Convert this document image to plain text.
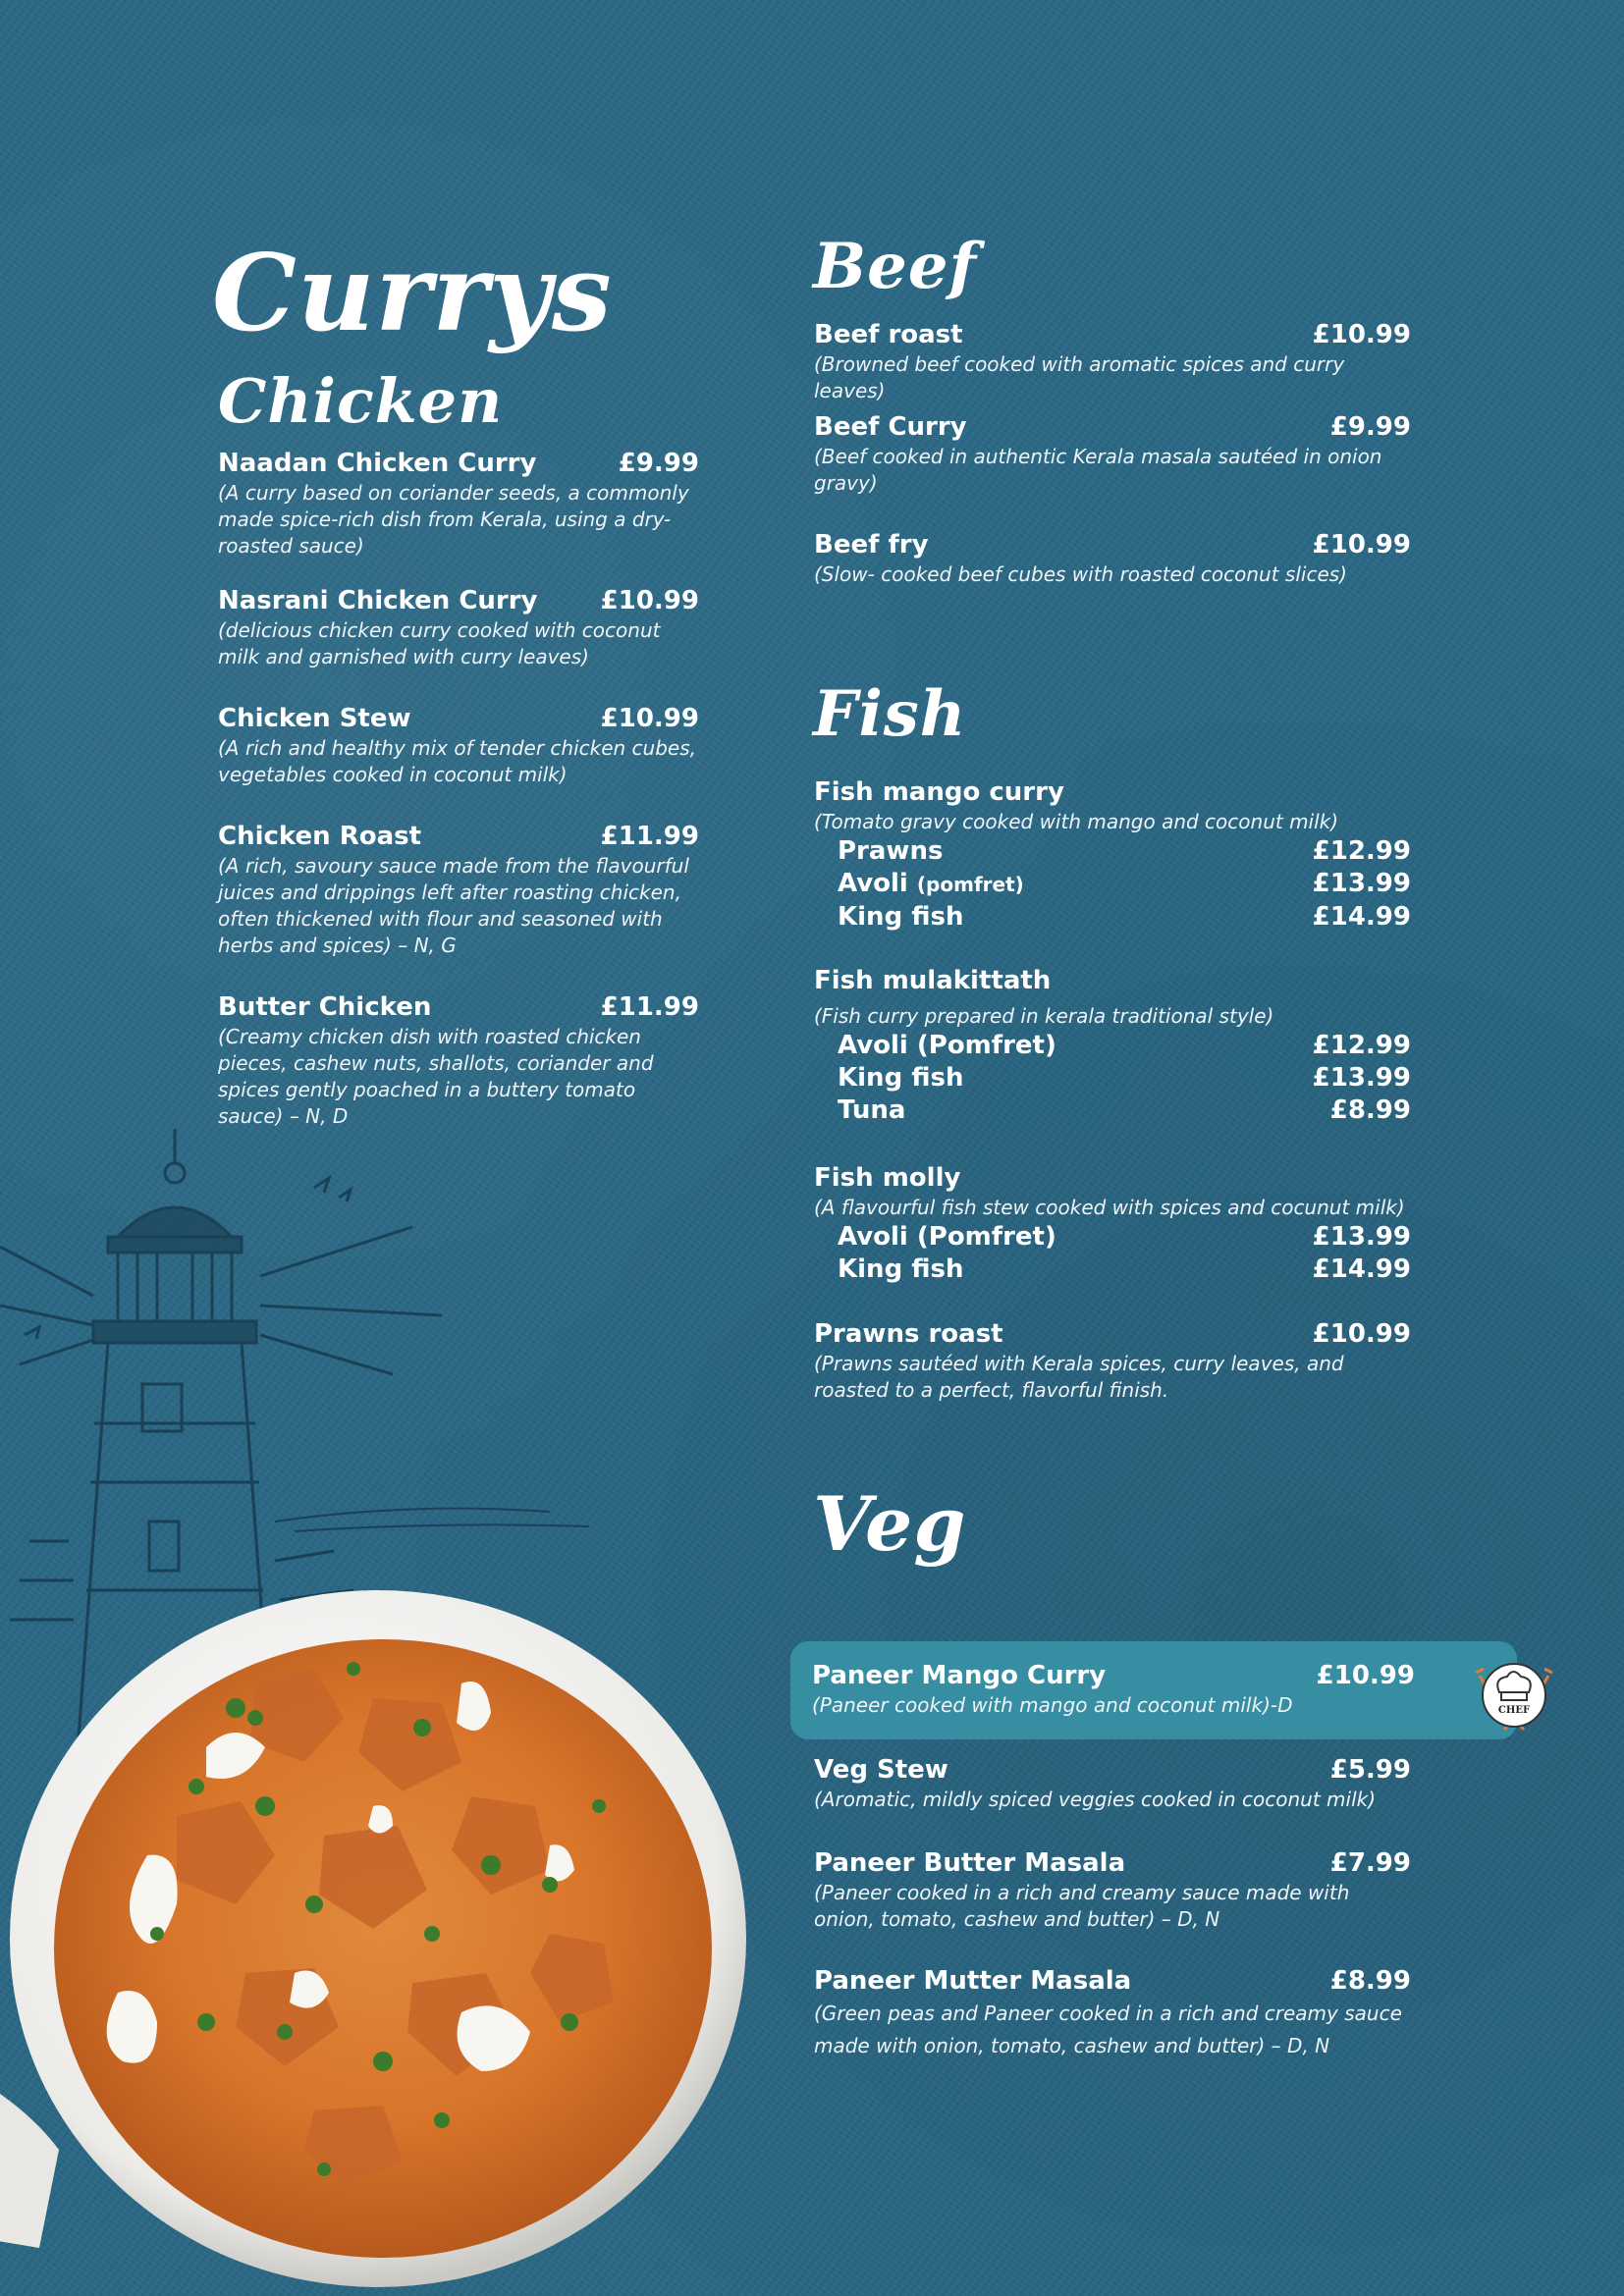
Currys
Chicken
Beef
Fish
Veg
Naadan Chicken Curry	£9.99
(A curry based on coriander seeds, a commonly made spice-rich dish from Kerala, using a dry-roasted sauce)
Nasrani Chicken Curry £10.99
(delicious chicken curry cooked with coconut milk and garnished with curry leaves)
Chicken Stew	£10.99
(A rich and healthy mix of tender chicken cubes, vegetables cooked in coconut milk)
Chicken Roast	£11.99
(A rich, savoury sauce made from the flavourful juices and drippings left after roasting chicken, often thickened with flour and seasoned with herbs and spices) – N, G
Butter Chicken	£11.99
(Creamy chicken dish with roasted chicken pieces, cashew nuts, shallots, coriander and spices gently poached in a buttery tomato sauce) – N, D
Beef roast	£10.99
(Browned beef cooked with aromatic spices and curry leaves)
Beef Curry	£9.99
(Beef cooked in authentic Kerala masala sautéed in onion gravy)
Beef fry	£10.99
(Slow- cooked beef cubes with roasted coconut slices)
Fish mango curry
(Tomato gravy cooked with mango and coconut milk)
Prawns	£12.99
Avoli (pomfret)	£13.99
King fish	£14.99
Fish mulakittath
(Fish curry prepared in kerala traditional style)
Avoli (Pomfret)	£12.99
King fish	£13.99
Tuna	£8.99
Fish molly
(A flavourful fish stew cooked with spices and cocunut milk)
Avoli (Pomfret)	£13.99
King fish	£14.99
Prawns roast	£10.99
(Prawns sautéed with Kerala spices, curry leaves, and roasted to a perfect, flavorful finish.
CHEF
Paneer Mango Curry	£10.99
(Paneer cooked with mango and coconut milk)-D
Veg Stew	£5.99
(Aromatic, mildly spiced veggies cooked in coconut milk)
Paneer Butter Masala	£7.99
(Paneer cooked in a rich and creamy sauce made with onion, tomato, cashew and butter) – D, N
Paneer Mutter Masala	£8.99
(Green peas and Paneer cooked in a rich and creamy sauce made with onion, tomato, cashew and butter) – D, N
